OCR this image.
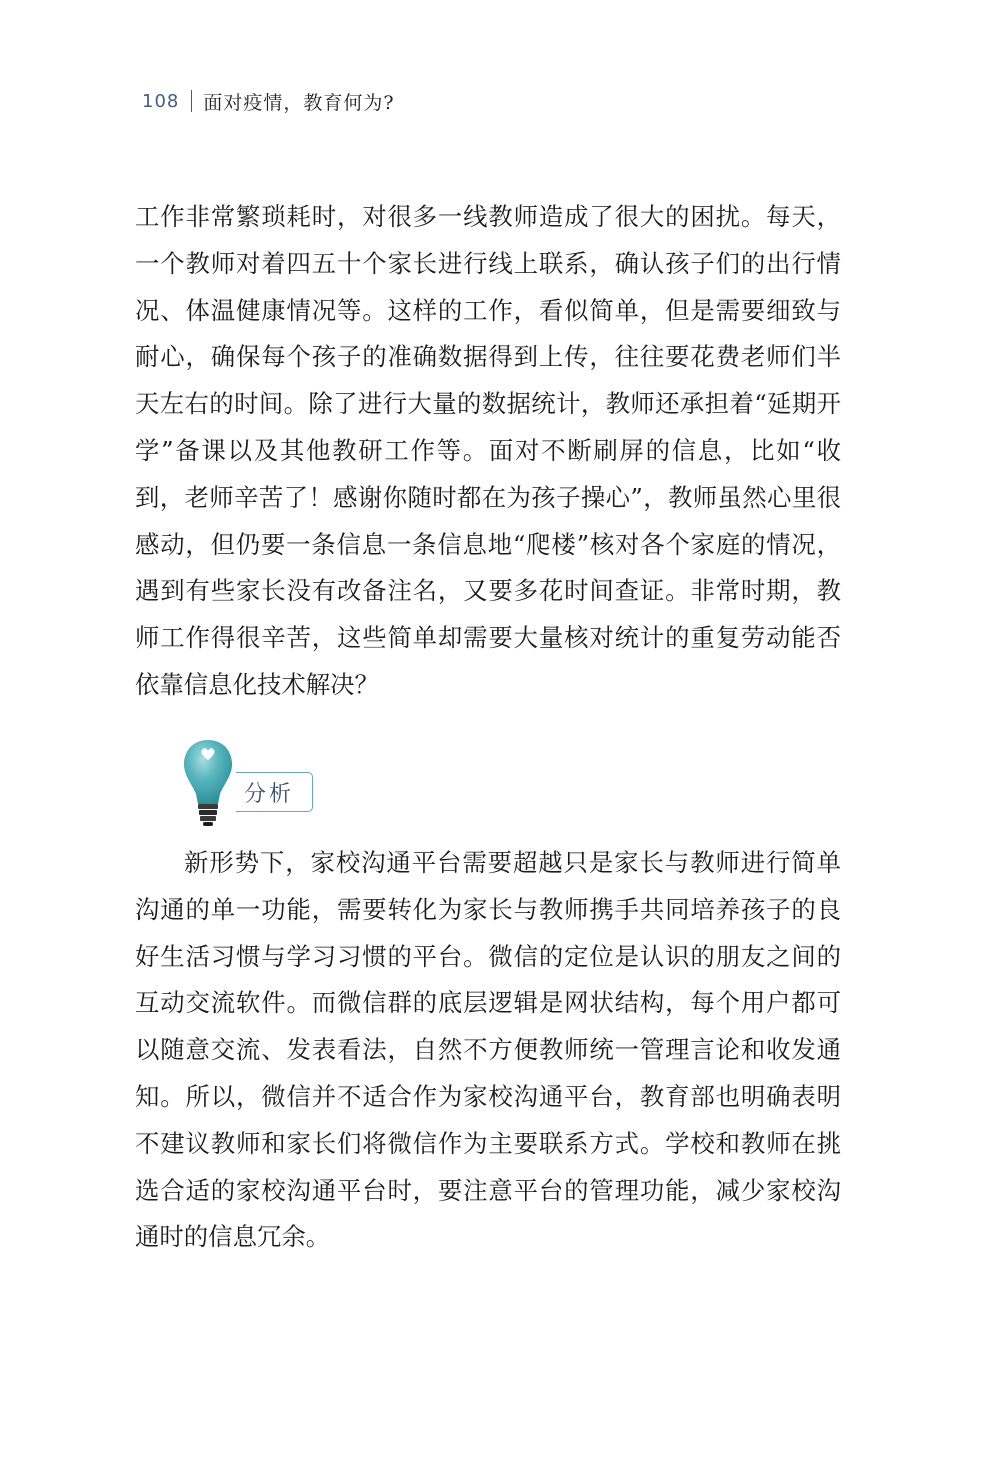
108 面对疫情，教育何为?

工作非常繁琐耗时，对很多一线教师造成了很大的困扰。每天，一个教师对着四五十个家长进行线上联系，确认孩子们的出行情况、体温健康情况等。这样的工作，看似简单，但是需要细致与耐心，确保每个孩子的准确数据得到上传，往往要花费老师们半天左右的时间。除了进行大量的数据统计，教师还承担着“延期开学”备课以及其他教研工作等。面对不断刷屏的信息，比如“收到，老师辛苦了！感谢你随时都在为孩子操心”，教师虽然心里很感动，但仍要一条信息一条信息地“爬楼”核对各个家庭的情况，遇到有些家长没有改备注名，又要多花时间查证。非常时期，教师工作得很辛苦，这些简单却需要大量核对统计的重复劳动能否依靠信息化技术解决？

分析

新形势下，家校沟通平台需要超越只是家长与教师进行简单沟通的单一功能，需要转化为家长与教师携手共同培养孩子的良好生活习惯与学习习惯的平台。微信的定位是认识的朋友之间的互动交流软件。而微信群的底层逻辑是网状结构，每个用户都可以随意交流、发表看法，自然不方便教师统一管理言论和收发通知。所以，微信并不适合作为家校沟通平台，教育部也明确表明不建议教师和家长们将微信作为主要联系方式。学校和教师在挑选合适的家校沟通平台时，要注意平台的管理功能，减少家校沟通时的信息冗余。
